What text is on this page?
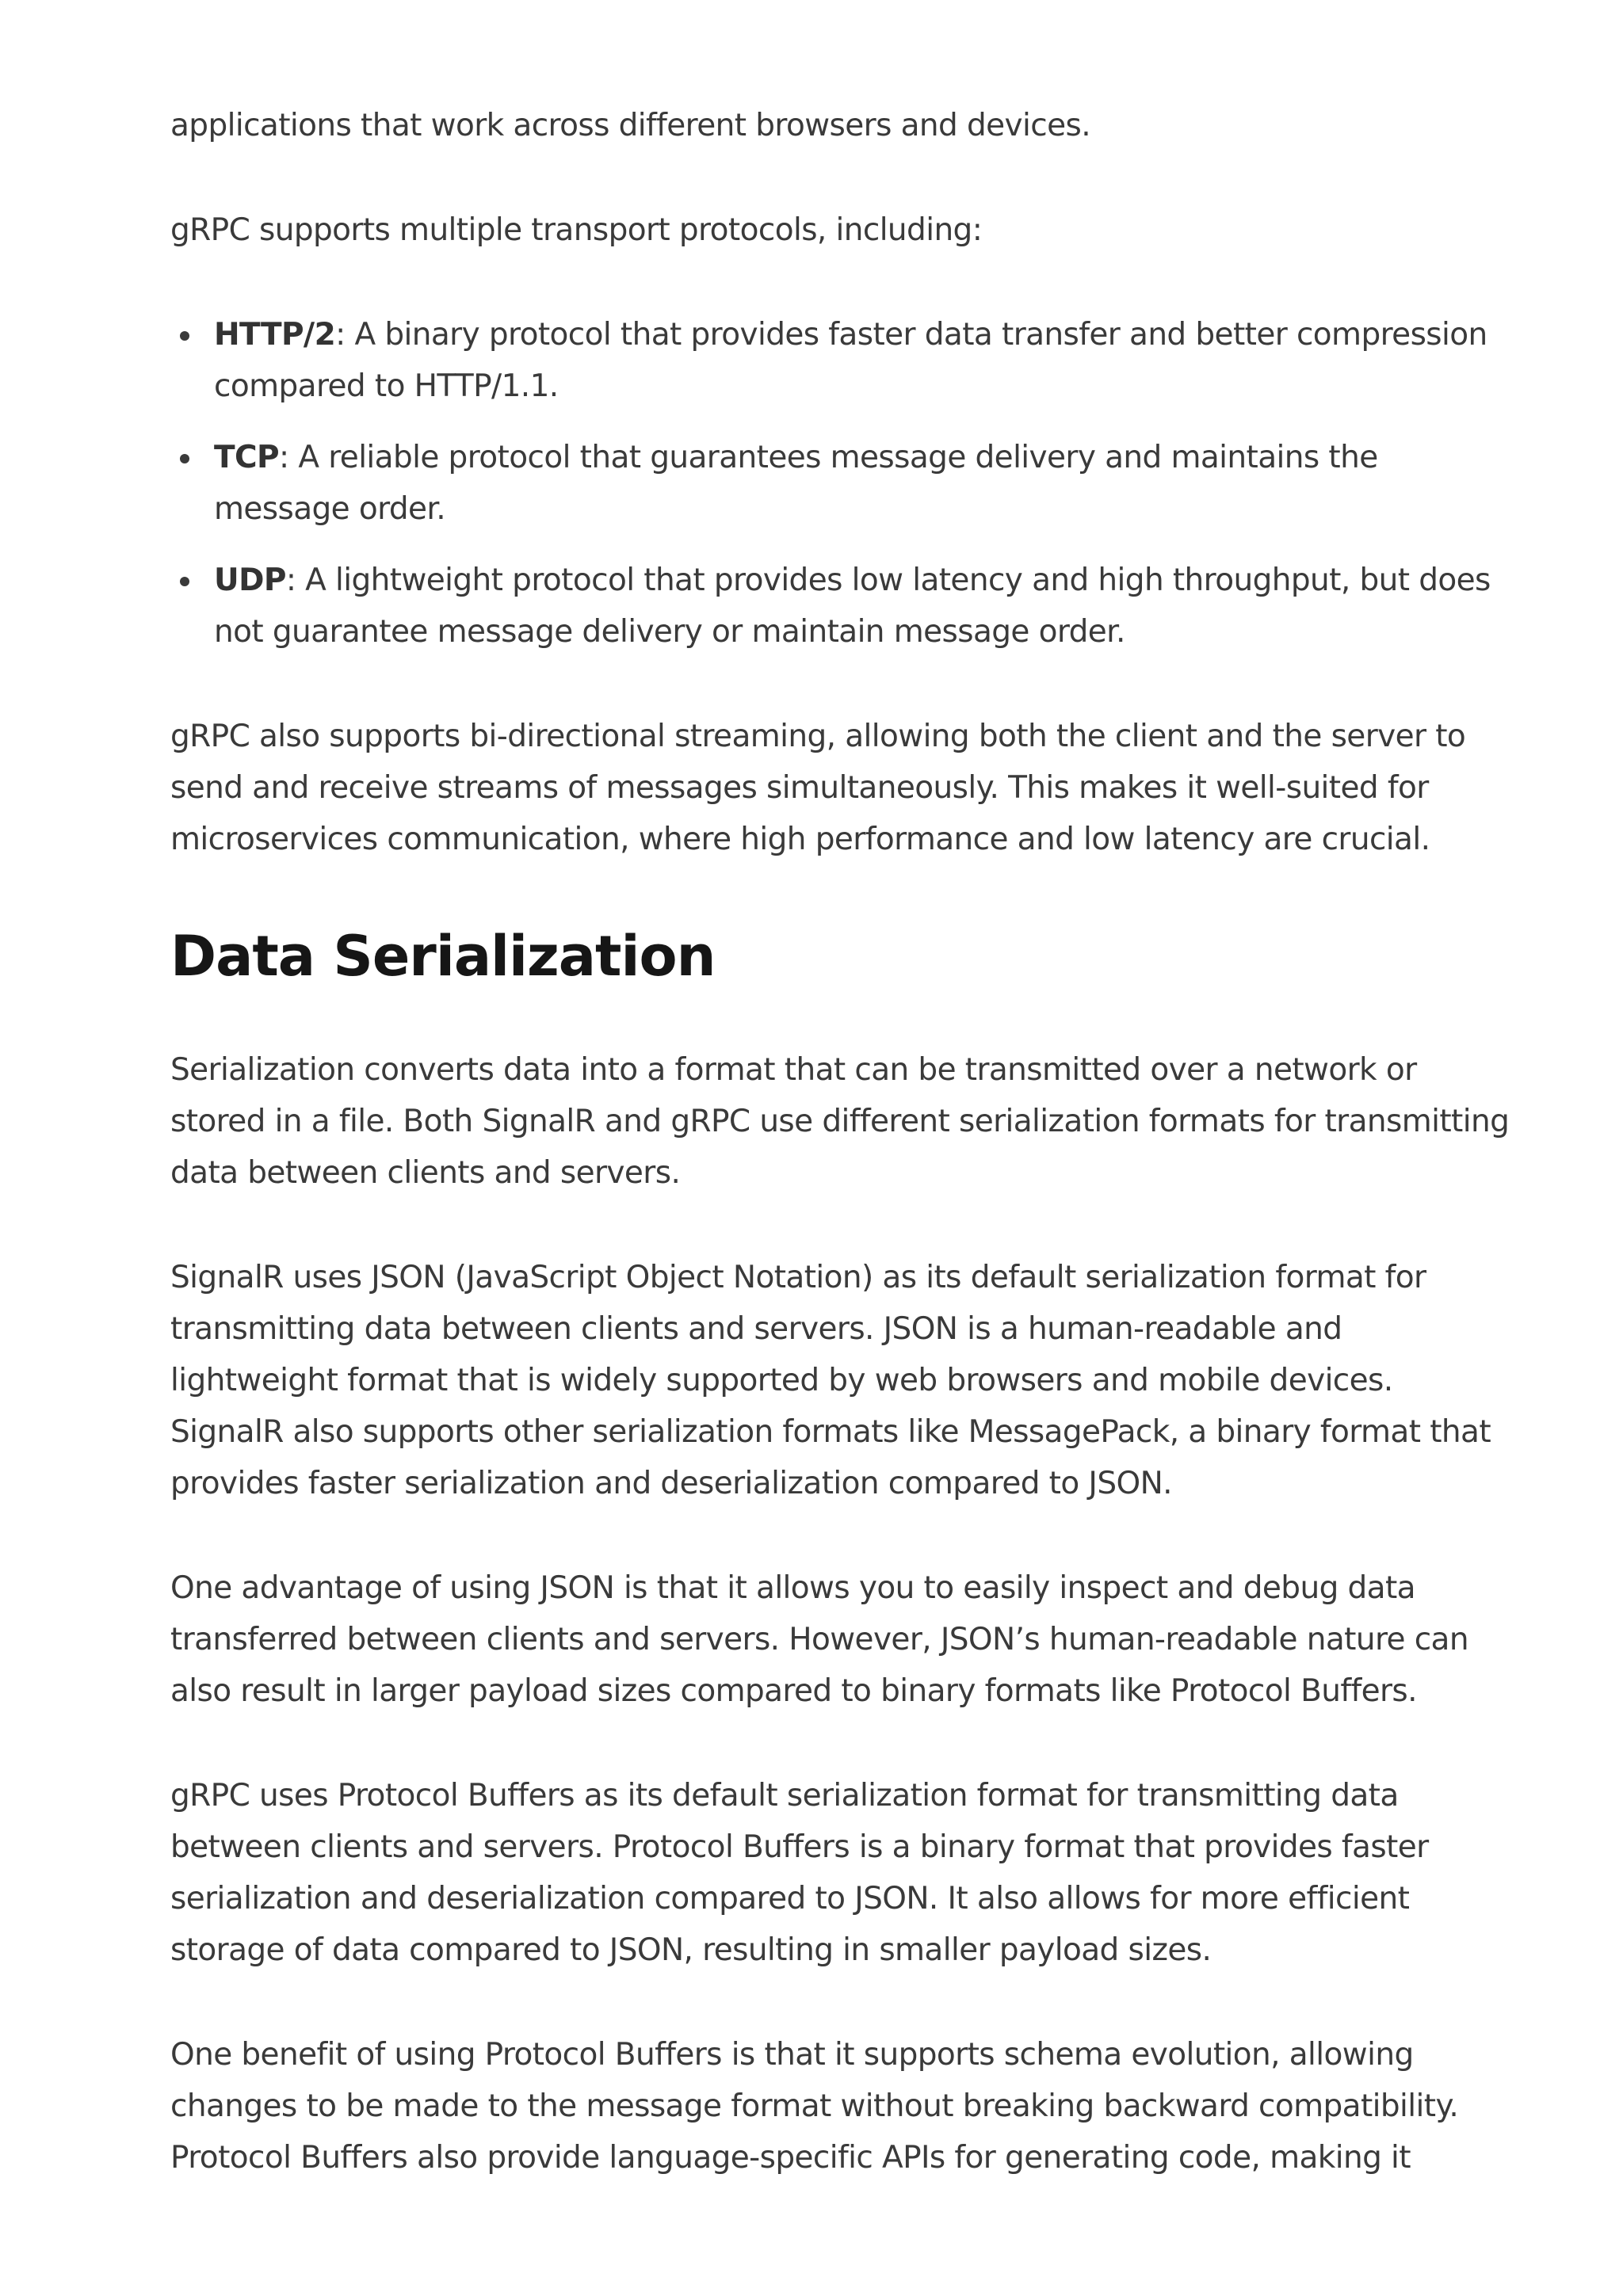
applications that work across different browsers and devices.

gRPC supports multiple transport protocols, including:

HTTP/2: A binary protocol that provides faster data transfer and better compression compared to HTTP/1.1.
TCP: A reliable protocol that guarantees message delivery and maintains the message order.
UDP: A lightweight protocol that provides low latency and high throughput, but does not guarantee message delivery or maintain message order.

gRPC also supports bi-directional streaming, allowing both the client and the server to send and receive streams of messages simultaneously. This makes it well-suited for microservices communication, where high performance and low latency are crucial.

Data Serialization

Serialization converts data into a format that can be transmitted over a network or stored in a file. Both SignalR and gRPC use different serialization formats for transmitting data between clients and servers.

SignalR uses JSON (JavaScript Object Notation) as its default serialization format for transmitting data between clients and servers. JSON is a human-readable and lightweight format that is widely supported by web browsers and mobile devices. SignalR also supports other serialization formats like MessagePack, a binary format that provides faster serialization and deserialization compared to JSON.

One advantage of using JSON is that it allows you to easily inspect and debug data transferred between clients and servers. However, JSON’s human-readable nature can also result in larger payload sizes compared to binary formats like Protocol Buffers.

gRPC uses Protocol Buffers as its default serialization format for transmitting data between clients and servers. Protocol Buffers is a binary format that provides faster serialization and deserialization compared to JSON. It also allows for more efficient storage of data compared to JSON, resulting in smaller payload sizes.

One benefit of using Protocol Buffers is that it supports schema evolution, allowing changes to be made to the message format without breaking backward compatibility. Protocol Buffers also provide language-specific APIs for generating code, making it
